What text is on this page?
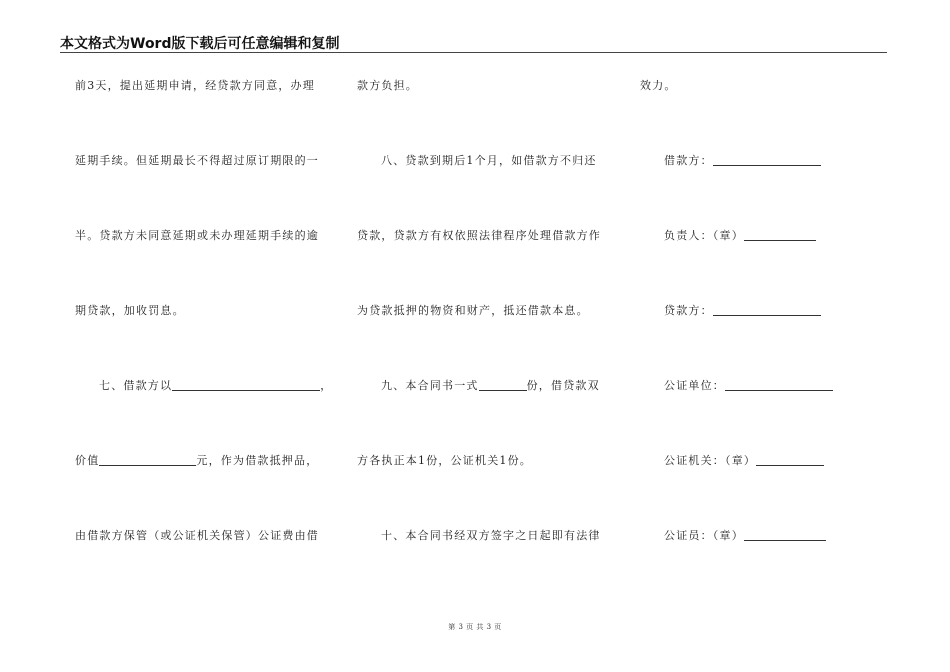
本文格式为Word版下载后可任意编辑和复制
前3天，提出延期申请，经贷款方同意，办理
延期手续。但延期最长不得超过原订期限的一
半。贷款方未同意延期或未办理延期手续的逾
期贷款，加收罚息。
七、借款方以	，
价值	元，作为借款抵押品，
由借款方保管（或公证机关保管）公证费由借
款方负担。
八、贷款到期后1个月，如借款方不归还
贷款，贷款方有权依照法律程序处理借款方作
为贷款抵押的物资和财产，抵还借款本息。
九、本合同书一式	份，借贷款双
方各执正本1份，公证机关1份。
十、本合同书经双方签字之日起即有法律
效力。
借款方：
负责人：（章）
贷款方：
公证单位：
公证机关：（章）
公证员：（章）
第 3 页 共 3 页
